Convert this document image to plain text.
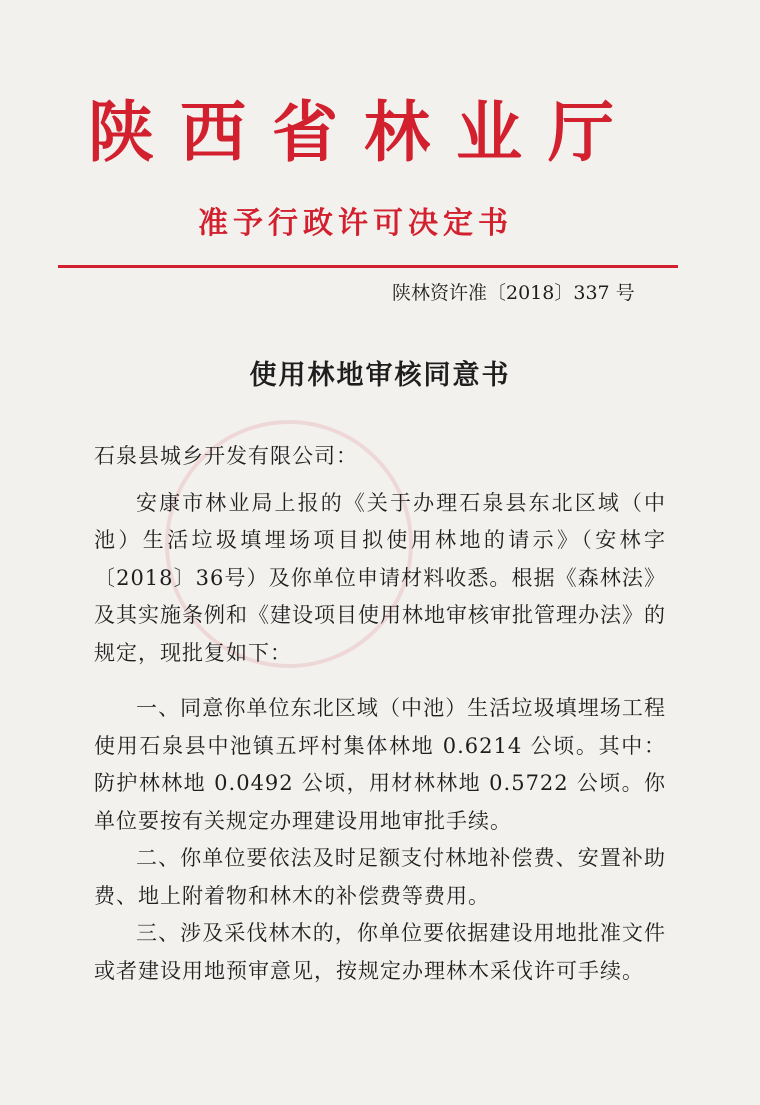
陕西省林业厅
准予行政许可决定书
陕林资许准〔2018〕337 号
使用林地审核同意书

石泉县城乡开发有限公司：

安康市林业局上报的《关于办理石泉县东北区域（中池）生活垃圾填埋场项目拟使用林地的请示》（安林字〔2018〕36号）及你单位申请材料收悉。根据《森林法》及其实施条例和《建设项目使用林地审核审批管理办法》的规定，现批复如下：

一、同意你单位东北区域（中池）生活垃圾填埋场工程使用石泉县中池镇五坪村集体林地 0.6214 公顷。其中：防护林林地 0.0492 公顷，用材林林地 0.5722 公顷。你单位要按有关规定办理建设用地审批手续。

二、你单位要依法及时足额支付林地补偿费、安置补助费、地上附着物和林木的补偿费等费用。

三、涉及采伐林木的，你单位要依据建设用地批准文件或者建设用地预审意见，按规定办理林木采伐许可手续。
